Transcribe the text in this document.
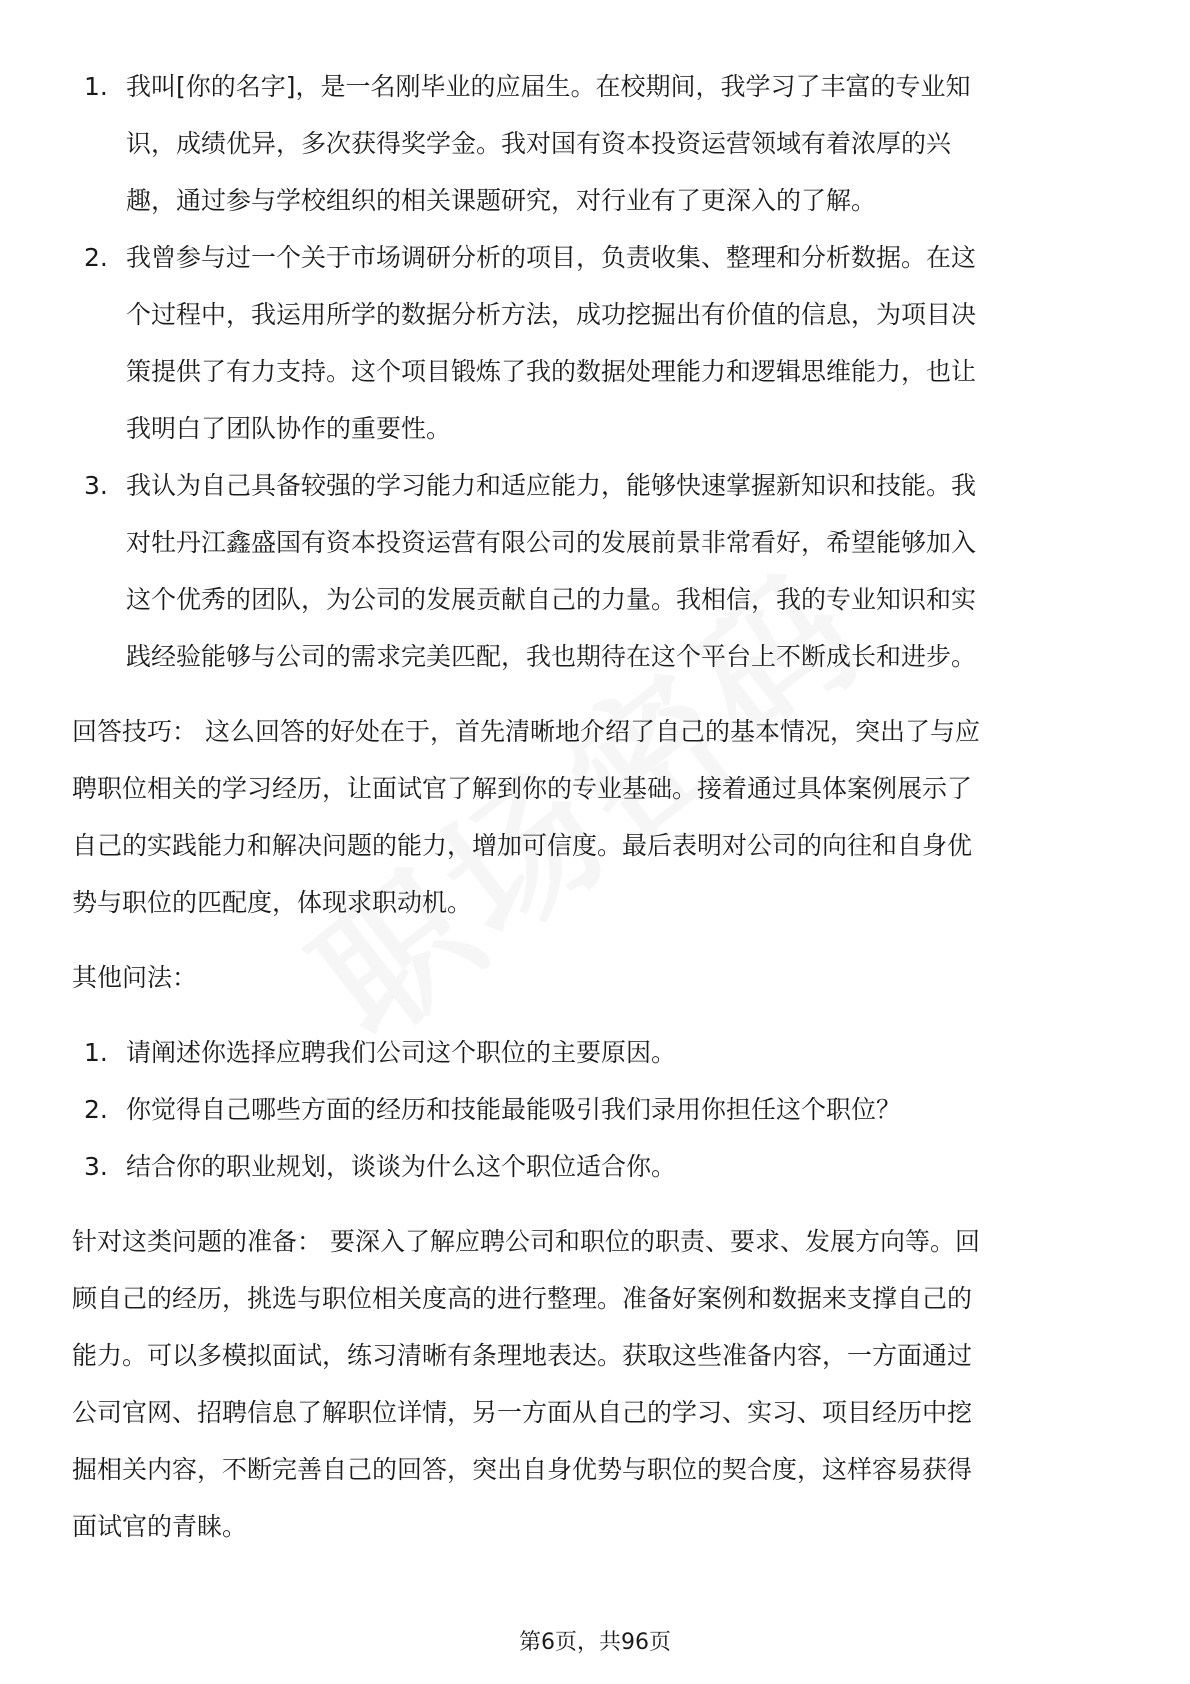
1. 我叫[你的名字]，是一名刚毕业的应届生。在校期间，我学习了丰富的专业知
识，成绩优异，多次获得奖学金。我对国有资本投资运营领域有着浓厚的兴
趣，通过参与学校组织的相关课题研究，对行业有了更深入的了解。
2. 我曾参与过一个关于市场调研分析的项目，负责收集、整理和分析数据。在这
个过程中，我运用所学的数据分析方法，成功挖掘出有价值的信息，为项目决
策提供了有力支持。这个项目锻炼了我的数据处理能力和逻辑思维能力，也让
我明白了团队协作的重要性。
3. 我认为自己具备较强的学习能力和适应能力，能够快速掌握新知识和技能。我
对牡丹江鑫盛国有资本投资运营有限公司的发展前景非常看好，希望能够加入
这个优秀的团队，为公司的发展贡献自己的力量。我相信，我的专业知识和实
践经验能够与公司的需求完美匹配，我也期待在这个平台上不断成长和进步。
回答技巧： 这么回答的好处在于，首先清晰地介绍了自己的基本情况，突出了与应
聘职位相关的学习经历，让面试官了解到你的专业基础。接着通过具体案例展示了
自己的实践能力和解决问题的能力，增加可信度。最后表明对公司的向往和自身优
势与职位的匹配度，体现求职动机。
其他问法：
1. 请阐述你选择应聘我们公司这个职位的主要原因。
2. 你觉得自己哪些方面的经历和技能最能吸引我们录用你担任这个职位？
3. 结合你的职业规划，谈谈为什么这个职位适合你。
针对这类问题的准备： 要深入了解应聘公司和职位的职责、要求、发展方向等。回
顾自己的经历，挑选与职位相关度高的进行整理。准备好案例和数据来支撑自己的
能力。可以多模拟面试，练习清晰有条理地表达。获取这些准备内容，一方面通过
公司官网、招聘信息了解职位详情，另一方面从自己的学习、实习、项目经历中挖
掘相关内容，不断完善自己的回答，突出自身优势与职位的契合度，这样容易获得
面试官的青睐。
第6页，共96页
